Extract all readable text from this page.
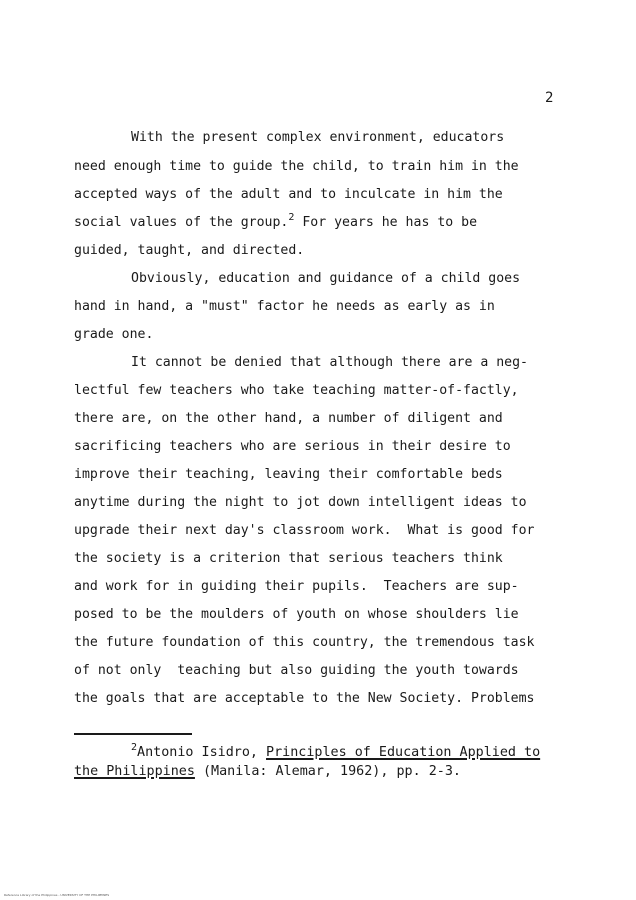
2
With the present complex environment, educators
need enough time to guide the child, to train him in the
accepted ways of the adult and to inculcate in him the
social values of the group.$^2$ For years he has to be
guided, taught, and directed.
Obviously, education and guidance of a child goes
hand in hand, a "must" factor he needs as early as in
grade one.
It cannot be denied that although there are a neg-
lectful few teachers who take teaching matter-of-factly,
there are, on the other hand, a number of diligent and
sacrificing teachers who are serious in their desire to
improve their teaching, leaving their comfortable beds
anytime during the night to jot down intelligent ideas to
upgrade their next day's classroom work.  What is good for
the society is a criterion that serious teachers think
and work for in guiding their pupils.  Teachers are sup-
posed to be the moulders of youth on whose shoulders lie
the future foundation of this country, the tremendous task
of not only  teaching but also guiding the youth towards
the goals that are acceptable to the New Society. Problems
$^2$Antonio Isidro, Principles of Education Applied to
the Philippines (Manila: Alemar, 1962), pp. 2-3.
Reference Library of the Philippines - UNIVERSITY OF THE PHILIPPINES
